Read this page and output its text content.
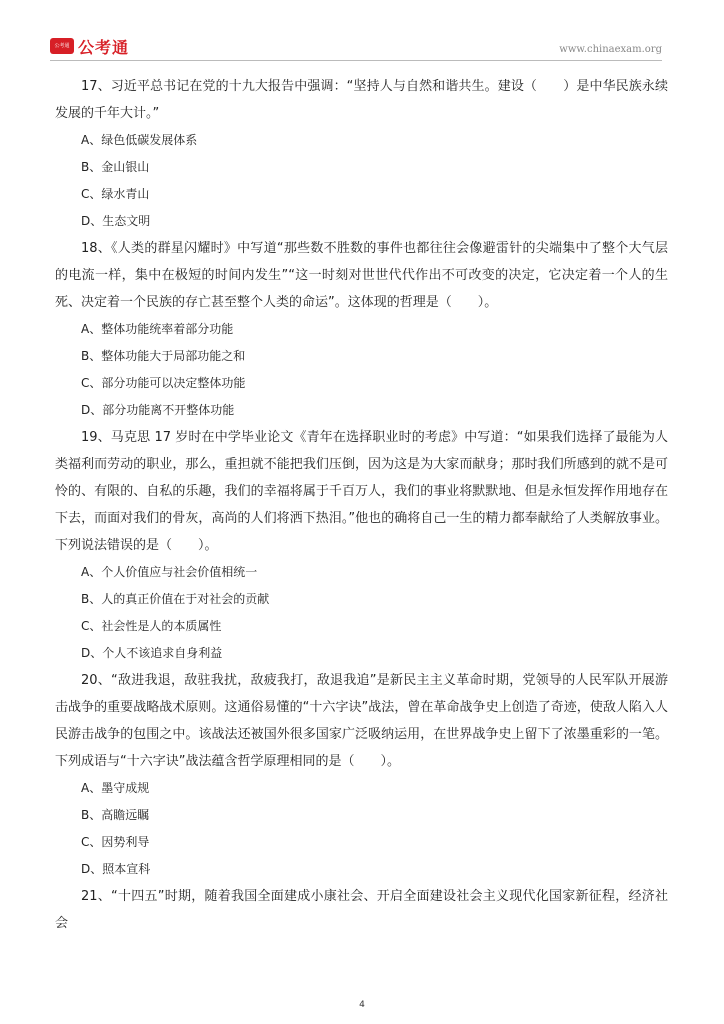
公考通 公考通	www.chinaexam.org

17、习近平总书记在党的十九大报告中强调：“坚持人与自然和谐共生。建设（　　）是中华民族永续发展的千年大计。”

A、绿色低碳发展体系

B、金山银山

C、绿水青山

D、生态文明

18、《人类的群星闪耀时》中写道“那些数不胜数的事件也都往往会像避雷针的尖端集中了整个大气层的电流一样，集中在极短的时间内发生”“这一时刻对世世代代作出不可改变的决定，它决定着一个人的生死、决定着一个民族的存亡甚至整个人类的命运”。这体现的哲理是（　　）。

A、整体功能统率着部分功能

B、整体功能大于局部功能之和

C、部分功能可以决定整体功能

D、部分功能离不开整体功能

19、马克思 17 岁时在中学毕业论文《青年在选择职业时的考虑》中写道：“如果我们选择了最能为人类福利而劳动的职业，那么，重担就不能把我们压倒，因为这是为大家而献身；那时我们所感到的就不是可怜的、有限的、自私的乐趣，我们的幸福将属于千百万人，我们的事业将默默地、但是永恒发挥作用地存在下去，而面对我们的骨灰，高尚的人们将洒下热泪。”他也的确将自己一生的精力都奉献给了人类解放事业。下列说法错误的是（　　）。

A、个人价值应与社会价值相统一

B、人的真正价值在于对社会的贡献

C、社会性是人的本质属性

D、个人不该追求自身利益

20、“敌进我退，敌驻我扰，敌疲我打，敌退我追”是新民主主义革命时期，党领导的人民军队开展游击战争的重要战略战术原则。这通俗易懂的“十六字诀”战法，曾在革命战争史上创造了奇迹，使敌人陷入人民游击战争的包围之中。该战法还被国外很多国家广泛吸纳运用，在世界战争史上留下了浓墨重彩的一笔。下列成语与“十六字诀”战法蕴含哲学原理相同的是（　　）。

A、墨守成规

B、高瞻远瞩

C、因势利导

D、照本宣科

21、“十四五”时期，随着我国全面建成小康社会、开启全面建设社会主义现代化国家新征程，经济社会

4
